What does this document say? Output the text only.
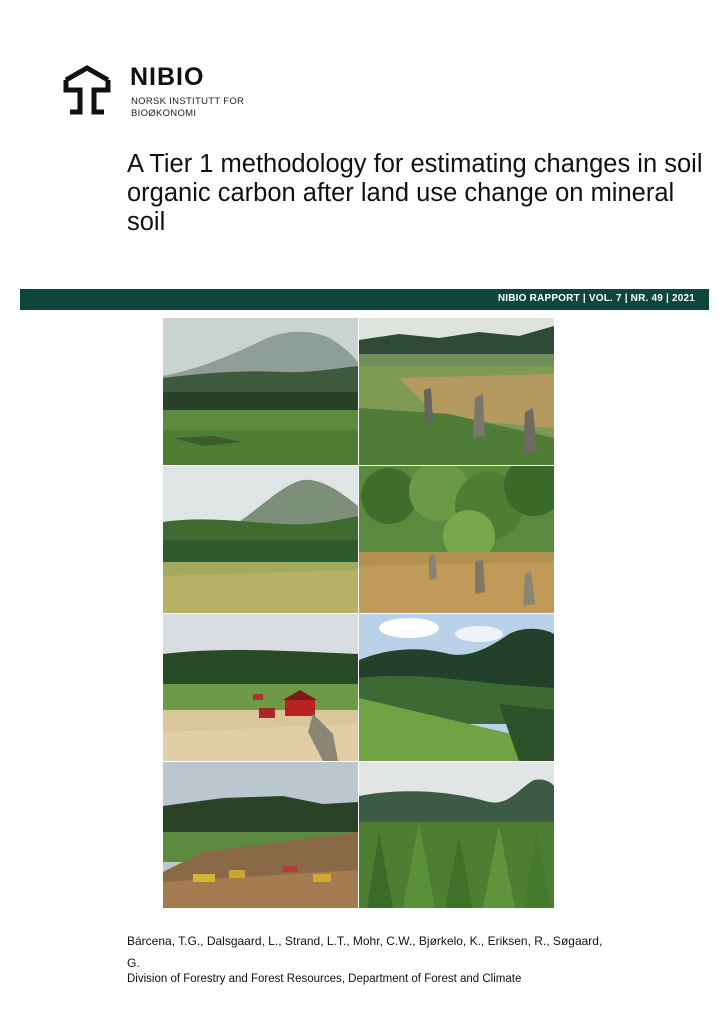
NIBIO
NORSK INSTITUTT FOR BIOØKONOMI
A Tier 1 methodology for estimating changes in soil organic carbon after land use change on mineral soil
NIBIO RAPPORT | VOL. 7 | NR. 49 | 2021

Bárcena, T.G., Dalsgaard, L., Strand, L.T., Mohr, C.W., Bjørkelo, K., Eriksen, R., Søgaard, G.

Division of Forestry and Forest Resources, Department of Forest and Climate
